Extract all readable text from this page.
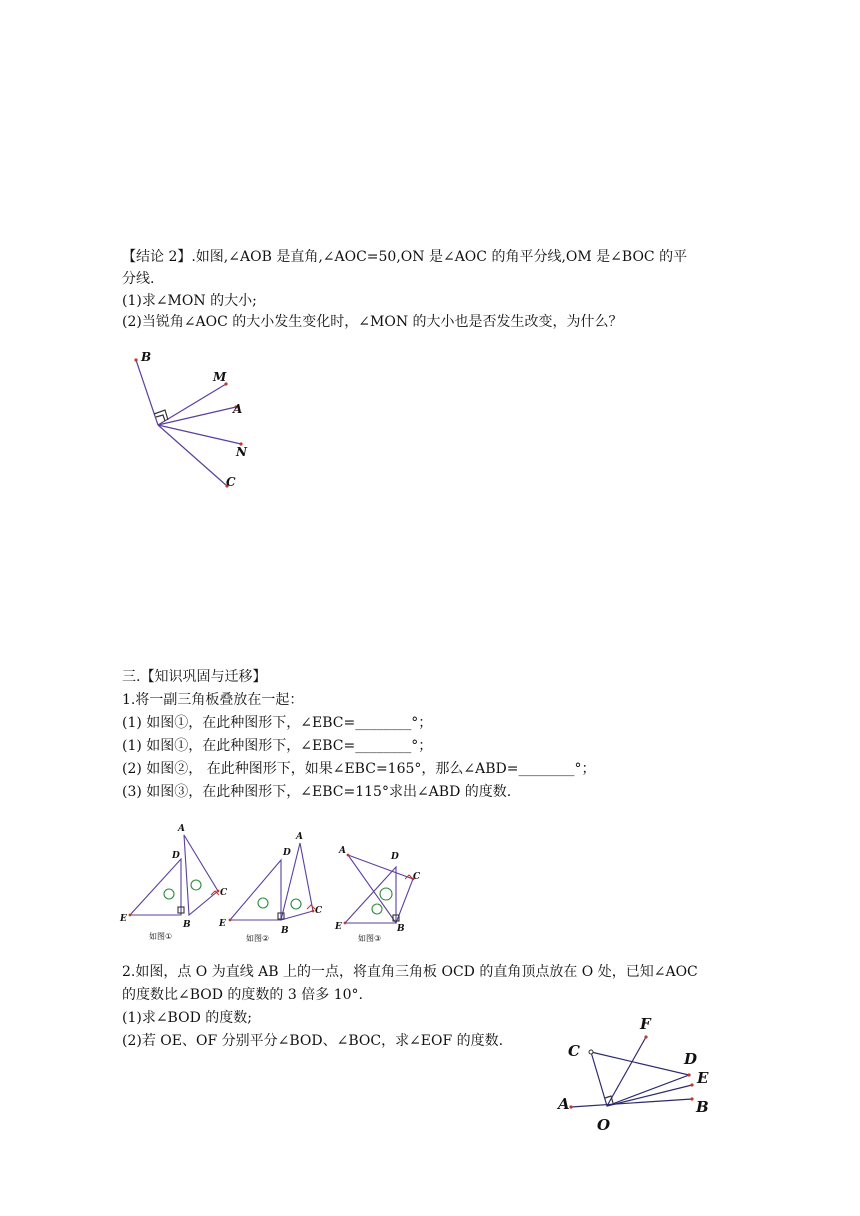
【结论 2】.如图,∠AOB 是直角,∠AOC=50,ON 是∠AOC 的角平分线,OM 是∠BOC 的平
分线.
(1)求∠MON 的大小;
(2)当锐角∠AOC 的大小发生变化时，∠MON 的大小也是否发生改变，为什么？
B
M
A
N
C
三.【知识巩固与迁移】
1.将一副三角板叠放在一起：
(1) 如图①，在此种图形下，∠EBC=________°；
(1) 如图①，在此种图形下，∠EBC=________°；
(2) 如图②， 在此种图形下，如果∠EBC=165°，那么∠ABD=________°；
(3) 如图③，在此种图形下，∠EBC=115°求出∠ABD 的度数.
A
D
C
E
B
A
D
C
E
B
A
D
C
E	B
如图①	如图②	如图③
2.如图，点 O 为直线 AB 上的一点，将直角三角板 OCD 的直角顶点放在 O 处，已知∠AOC
的度数比∠BOD 的度数的 3 倍多 10°.
(1)求∠BOD 的度数;
(2)若 OE、OF 分别平分∠BOD、∠BOC，求∠EOF 的度数.
F
C	D
E
A	B
O
